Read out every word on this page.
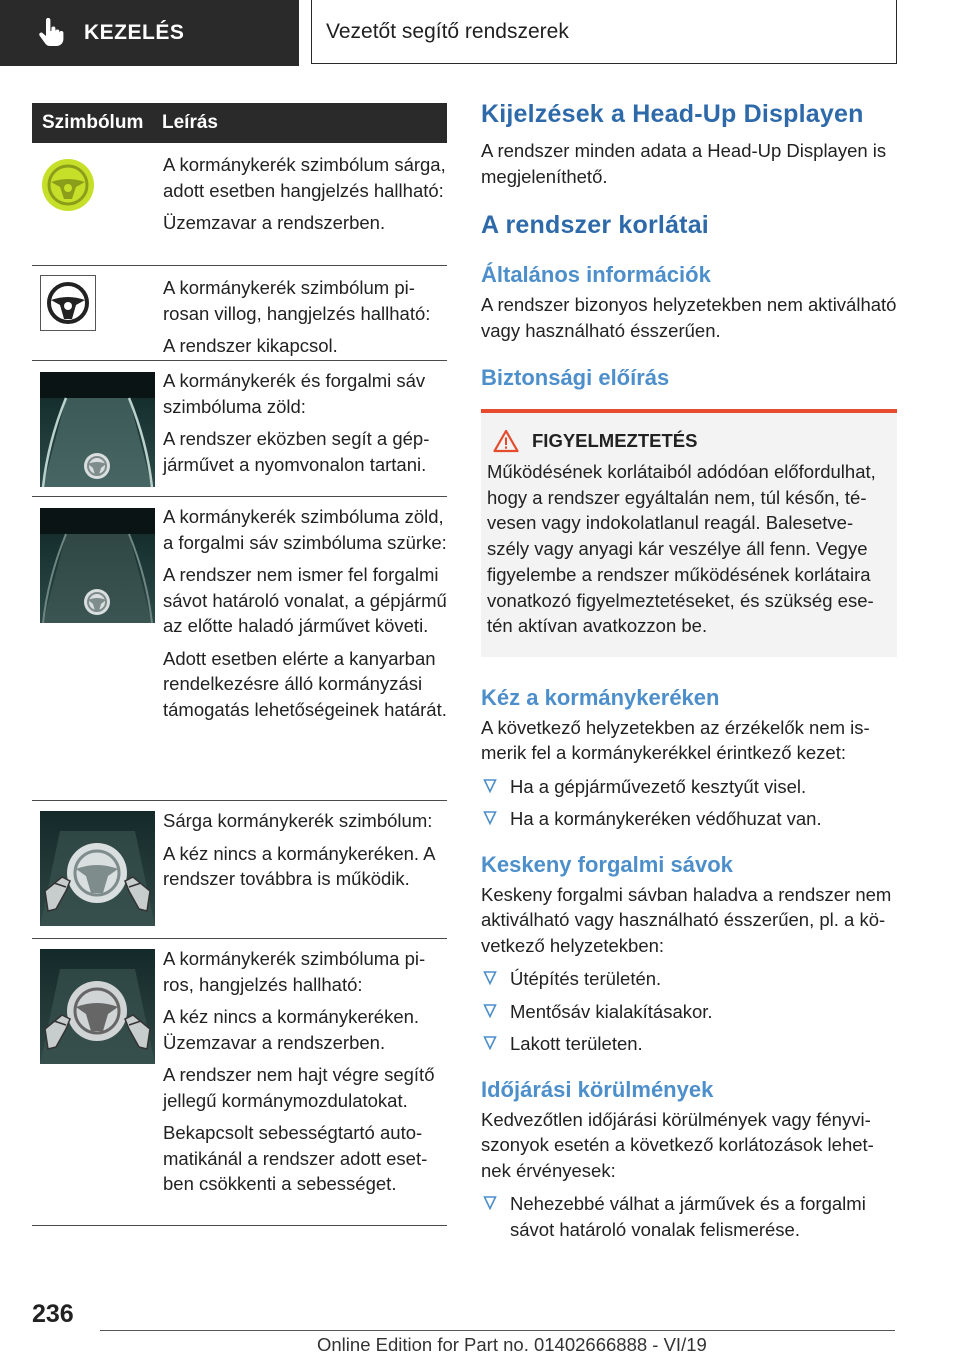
KEZELÉS	Vezetőt segítő rendszerek
Szimbólum Leírás

A kormánykerék szimbólum sárga, adott esetben hangjelzés hallható:

Üzemzavar a rendszerben.

A kormánykerék szimbólum pirosan villog, hangjelzés hallható:

A rendszer kikapcsol.

A kormánykerék és forgalmi sáv szimbóluma zöld:

A rendszer eközben segít a gépjárművet a nyomvonalon tartani.

A kormánykerék szimbóluma zöld, a forgalmi sáv szimbóluma szürke:

A rendszer nem ismer fel forgalmi sávot határoló vonalat, a gépjármű az előtte haladó járművet követi.

Adott esetben elérte a kanyarban rendelkezésre álló kormányzási támogatás lehetőségeinek határát.

Sárga kormánykerék szimbólum:

A kéz nincs a kormánykeréken. A rendszer továbbra is működik.

A kormánykerék szimbóluma piros, hangjelzés hallható:

A kéz nincs a kormánykeréken. Üzemzavar a rendszerben.

A rendszer nem hajt végre segítő jellegű kormánymozdulatokat.

Bekapcsolt sebességtartó automatikánál a rendszer adott esetben csökkenti a sebességet.

Kijelzések a Head-Up Displayen
A rendszer minden adata a Head-Up Displayen is megjeleníthető.
A rendszer korlátai
Általános információk
A rendszer bizonyos helyzetekben nem aktiválható vagy használható ésszerűen.
Biztonsági előírás
FIGYELMEZTETÉS
Működésének korlátaiból adódóan előfordulhat, hogy a rendszer egyáltalán nem, túl későn, tévesen vagy indokolatlanul reagál. Balesetveszély vagy anyagi kár veszélye áll fenn. Vegye figyelembe a rendszer működésének korlátaira vonatkozó figyelmeztetéseket, és szükség esetén aktívan avatkozzon be.
Kéz a kormánykeréken
A következő helyzetekben az érzékelők nem ismerik fel a kormánykerékkel érintkező kezet:
Ha a gépjárművezető kesztyűt visel.
Ha a kormánykeréken védőhuzat van.
Keskeny forgalmi sávok
Keskeny forgalmi sávban haladva a rendszer nem aktiválható vagy használható ésszerűen, pl. a következő helyzetekben:
Útépítés területén.
Mentősáv kialakításakor.
Lakott területen.
Időjárási körülmények
Kedvezőtlen időjárási körülmények vagy fényviszonyok esetén a következő korlátozások lehetnek érvényesek:
Nehezebbé válhat a járművek és a forgalmi sávot határoló vonalak felismerése.
236
Online Edition for Part no. 01402666888 - VI/19
